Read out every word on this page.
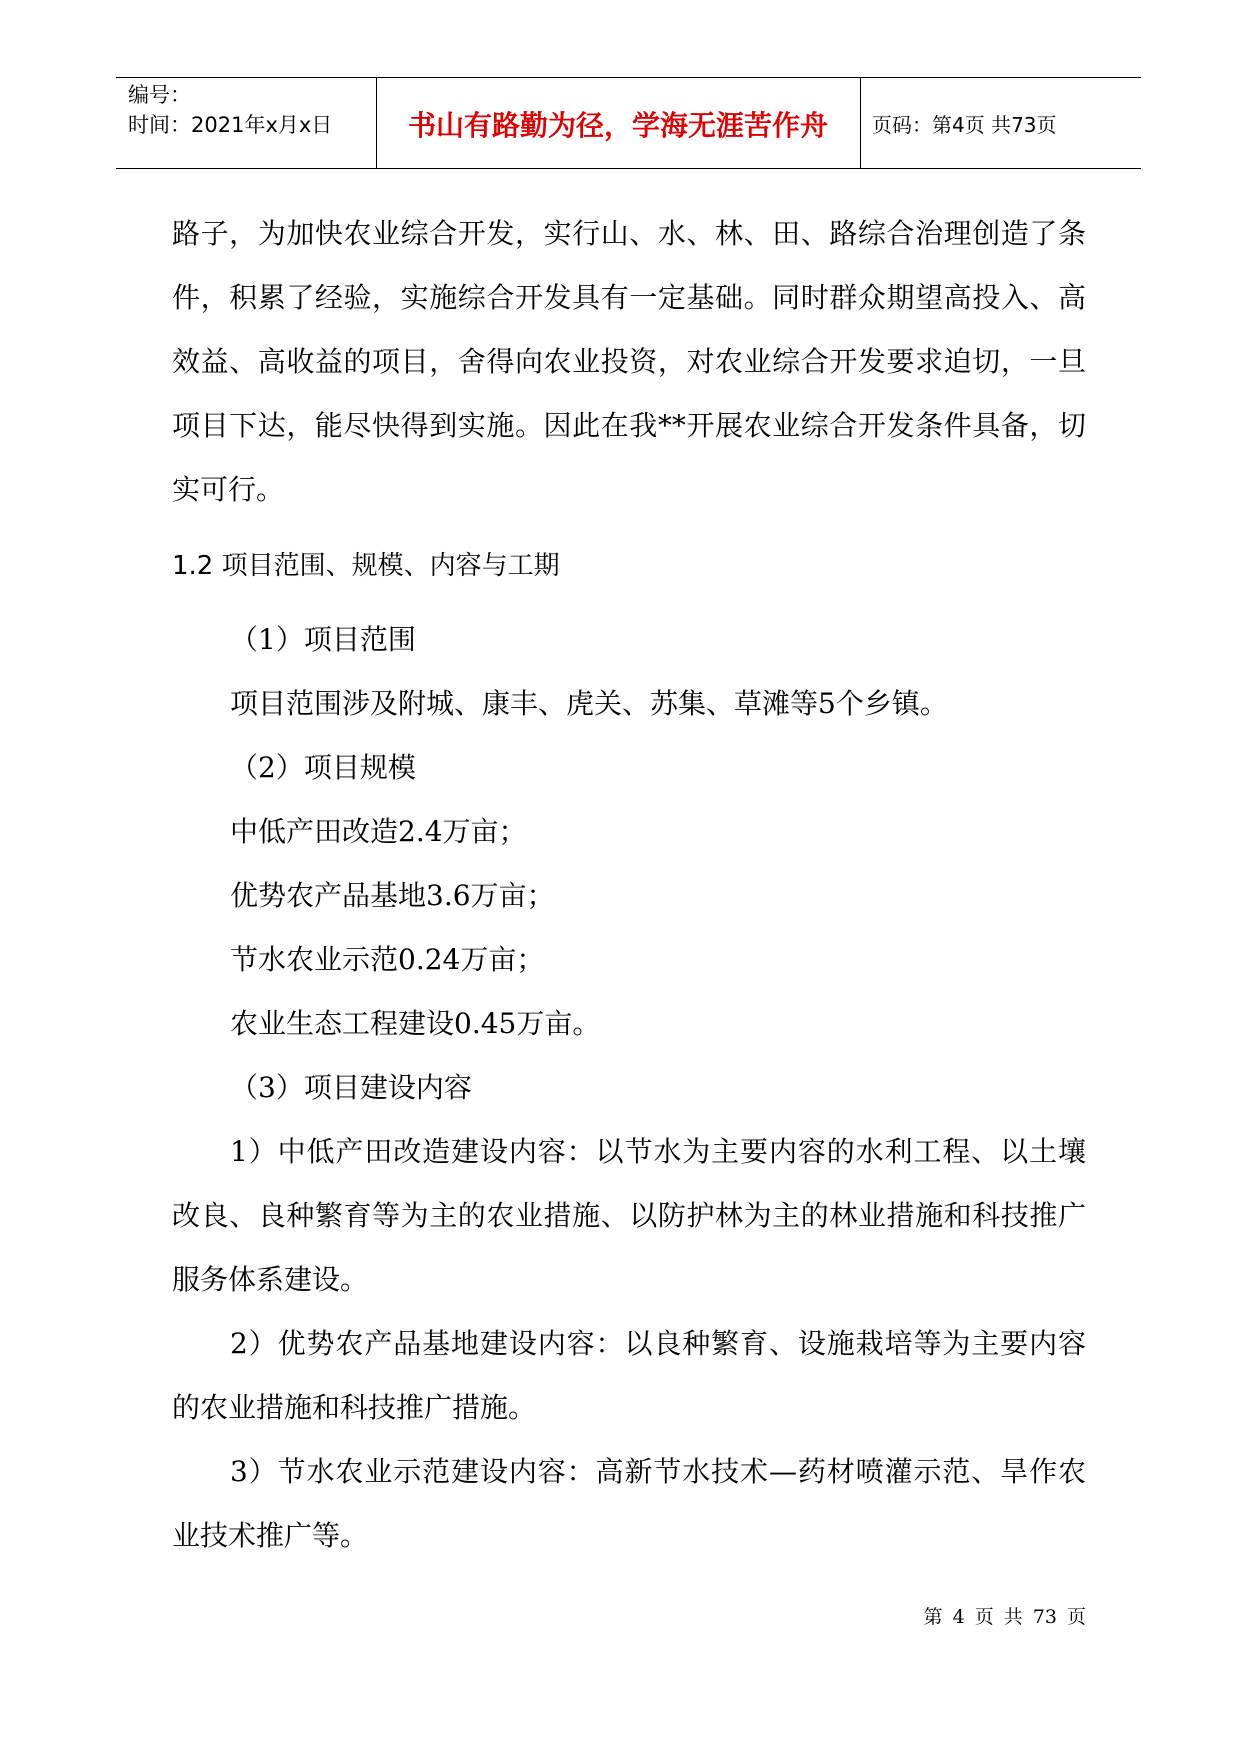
编号：
时间：2021年x月x日	书山有路勤为径，学海无涯苦作舟	页码：第4页 共73页

路子，为加快农业综合开发，实行山、水、林、田、路综合治理创造了条件，积累了经验，实施综合开发具有一定基础。同时群众期望高投入、高效益、高收益的项目，舍得向农业投资，对农业综合开发要求迫切，一旦项目下达，能尽快得到实施。因此在我**开展农业综合开发条件具备，切实可行。

1.2 项目范围、规模、内容与工期

（1）项目范围

项目范围涉及附城、康丰、虎关、苏集、草滩等5个乡镇。

（2）项目规模

中低产田改造2.4万亩；

优势农产品基地3.6万亩；

节水农业示范0.24万亩；

农业生态工程建设0.45万亩。

（3）项目建设内容

1）中低产田改造建设内容：以节水为主要内容的水利工程、以土壤改良、良种繁育等为主的农业措施、以防护林为主的林业措施和科技推广服务体系建设。

2）优势农产品基地建设内容：以良种繁育、设施栽培等为主要内容的农业措施和科技推广措施。

3）节水农业示范建设内容：高新节水技术—药材喷灌示范、旱作农业技术推广等。

第 4 页 共 73 页
